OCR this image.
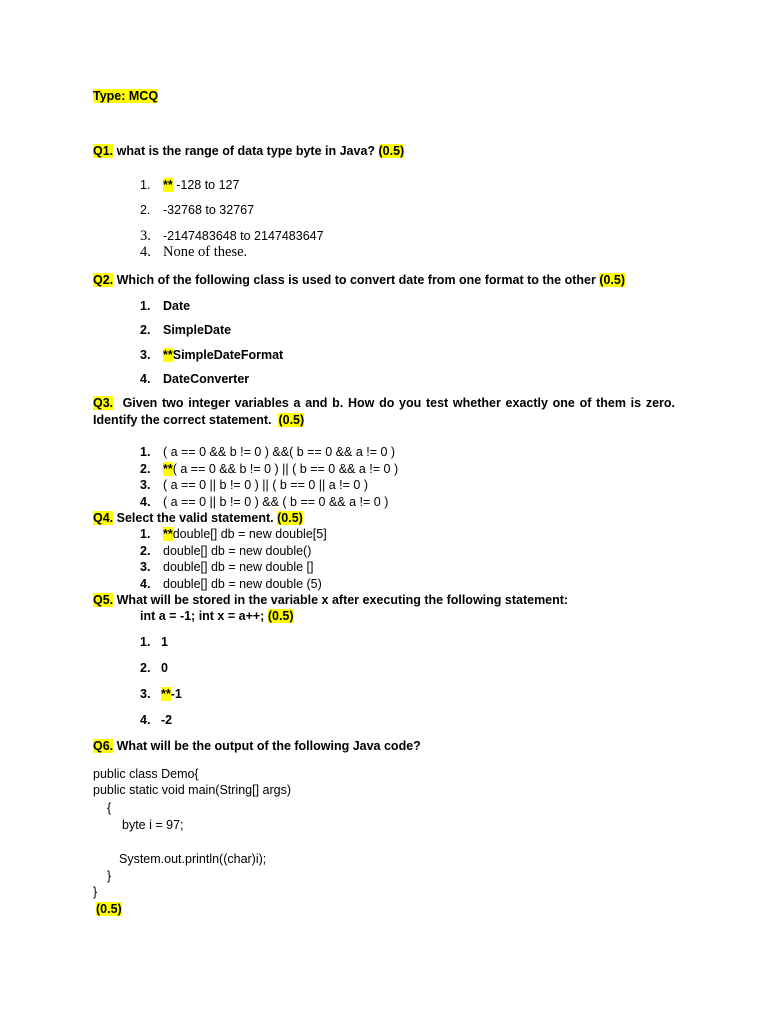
Type: MCQ
Q1. what is the range of data type byte in Java? (0.5)
1.	** -128 to 127
2.	-32768 to 32767
3. -2147483648 to 2147483647
4. None of these.
Q2. Which of the following class is used to convert date from one format to the other (0.5)
1.	Date
2.	SimpleDate
3.	**SimpleDateFormat
4.	DateConverter
Q3.  Given two integer variables a and b. How do you test whether exactly one of them is zero. Identify the correct statement.  (0.5)
1.	( a == 0 && b != 0 ) &&( b == 0 && a != 0 )
2.	**( a == 0 && b != 0 ) || ( b == 0 && a != 0 )
3.	( a == 0 || b != 0 ) || ( b == 0 || a != 0 )
4.	( a == 0 || b != 0 ) && ( b == 0 && a != 0 )
Q4. Select the valid statement. (0.5)
1.	**double[] db = new double[5]
2.	double[] db = new double()
3.	double[] db = new double []
4.	double[] db = new double (5)
Q5. What will be stored in the variable x after executing the following statement:
int a = -1; int x = a++; (0.5)
1. 1
2. 0
3. **-1
4. -2
Q6. What will be the output of the following Java code?
public class Demo{
public static void main(String[] args)
{
byte i = 97;
System.out.println((char)i);
}
}
(0.5)
